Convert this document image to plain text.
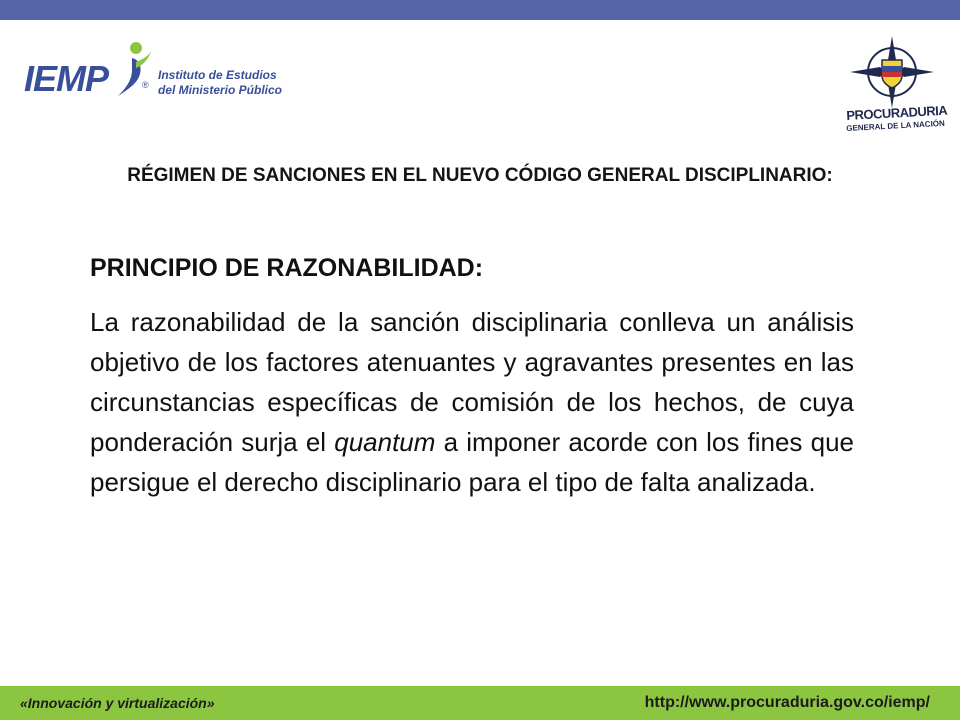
IEMP	®
Instituto de Estudios
del Ministerio Público
PROCURADURIA
GENERAL DE LA NACIÓN
RÉGIMEN DE SANCIONES EN EL NUEVO CÓDIGO GENERAL DISCIPLINARIO:
PRINCIPIO DE RAZONABILIDAD:

La razonabilidad de la sanción disciplinaria conlleva un análisis objetivo de los factores atenuantes y agravantes presentes en las circunstancias específicas de comisión de los hechos, de cuya ponderación surja el quantum a imponer acorde con los fines que persigue el derecho disciplinario para el tipo de falta analizada.

«Innovación y virtualización»	http://www.procuraduria.gov.co/iemp/
